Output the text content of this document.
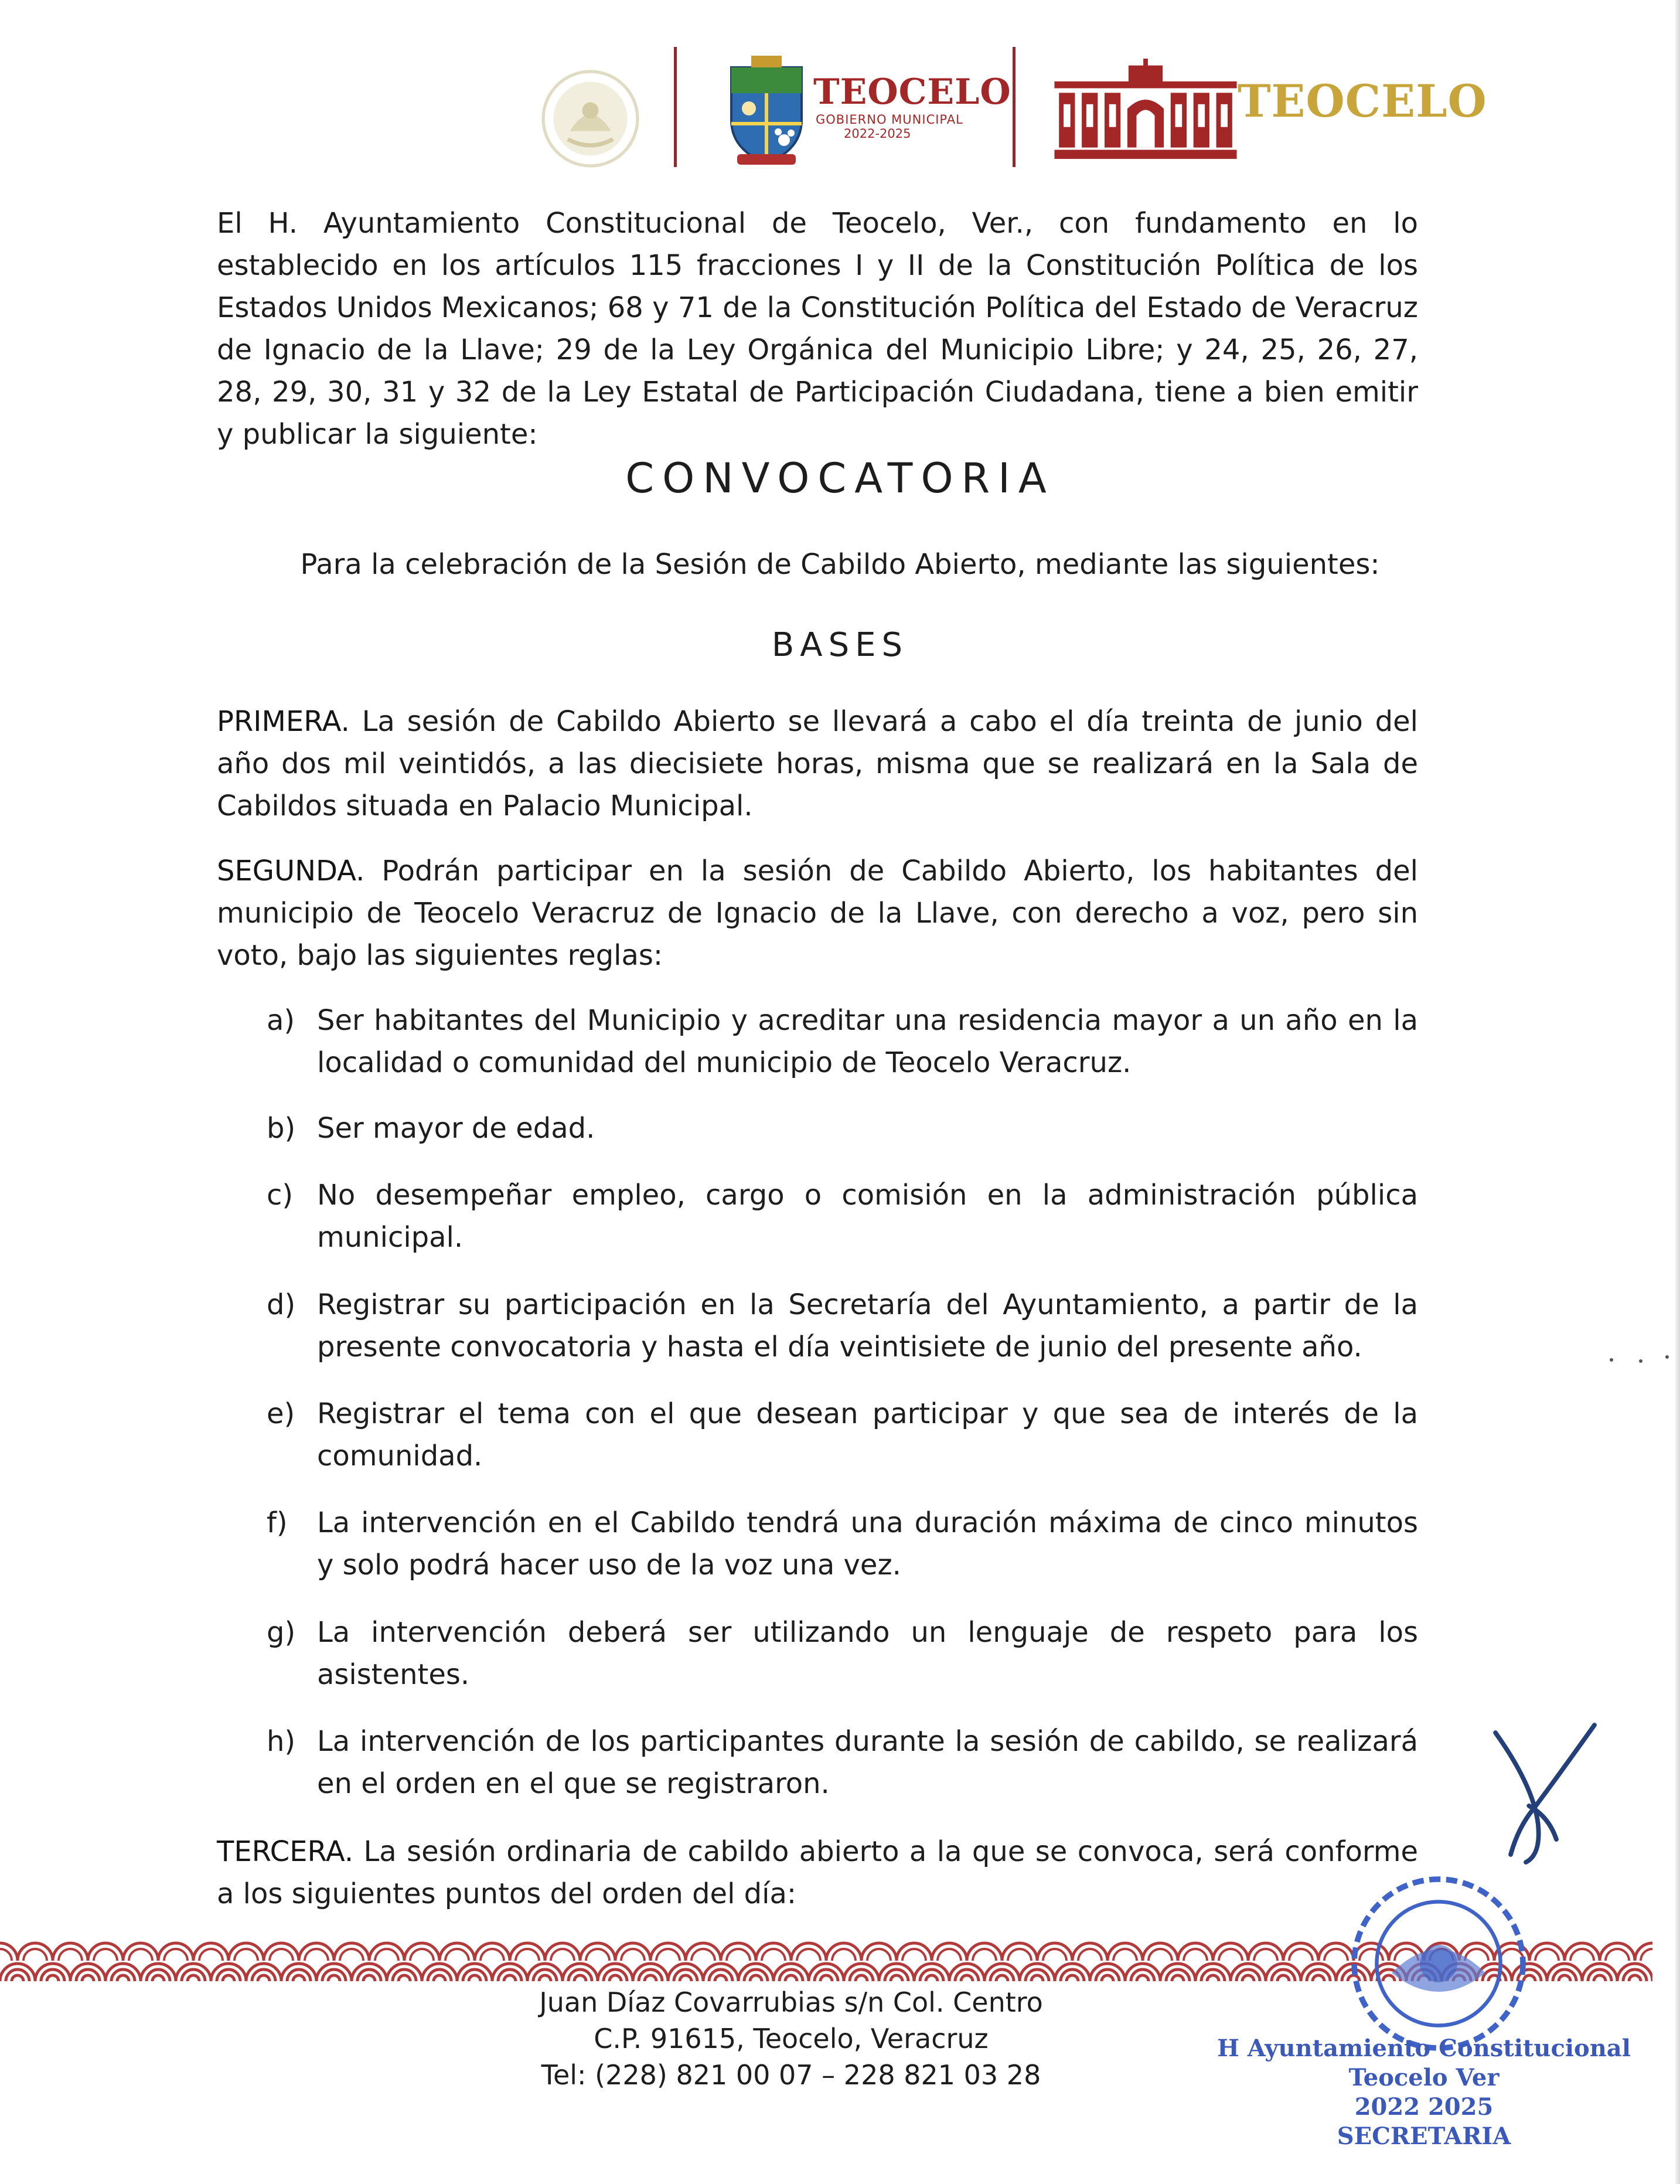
TEOCELO
GOBIERNO MUNICIPAL
2022-2025
TEOCELO
El H. Ayuntamiento Constitucional de Teocelo, Ver., con fundamento en lo establecido en los artículos 115 fracciones I y II de la Constitución Política de los Estados Unidos Mexicanos; 68 y 71 de la Constitución Política del Estado de Veracruz de Ignacio de la Llave; 29 de la Ley Orgánica del Municipio Libre; y 24, 25, 26, 27, 28, 29, 30, 31 y 32 de la Ley Estatal de Participación Ciudadana, tiene a bien emitir y publicar la siguiente:
CONVOCATORIA
Para la celebración de la Sesión de Cabildo Abierto, mediante las siguientes:
BASES
PRIMERA. La sesión de Cabildo Abierto se llevará a cabo el día treinta de junio del año dos mil veintidós, a las diecisiete horas, misma que se realizará en la Sala de Cabildos situada en Palacio Municipal.
SEGUNDA. Podrán participar en la sesión de Cabildo Abierto, los habitantes del municipio de Teocelo Veracruz de Ignacio de la Llave, con derecho a voz, pero sin voto, bajo las siguientes reglas:
a) Ser habitantes del Municipio y acreditar una residencia mayor a un año en la localidad o comunidad del municipio de Teocelo Veracruz.
b) Ser mayor de edad.
c) No desempeñar empleo, cargo o comisión en la administración pública municipal.
d) Registrar su participación en la Secretaría del Ayuntamiento, a partir de la presente convocatoria y hasta el día veintisiete de junio del presente año.
e) Registrar el tema con el que desean participar y que sea de interés de la comunidad.
f)	La intervención en el Cabildo tendrá una duración máxima de cinco minutos y solo podrá hacer uso de la voz una vez.
g) La intervención deberá ser utilizando un lenguaje de respeto para los asistentes.
h) La intervención de los participantes durante la sesión de cabildo, se realizará en el orden en el que se registraron.
TERCERA. La sesión ordinaria de cabildo abierto a la que se convoca, será conforme a los siguientes puntos del orden del día:
Juan Díaz Covarrubias s/n Col. Centro
C.P. 91615, Teocelo, Veracruz
Tel: (228) 821 00 07 – 228 821 03 28
H Ayuntamiento Constitucional
Teocelo Ver
2022 2025
SECRETARIA
